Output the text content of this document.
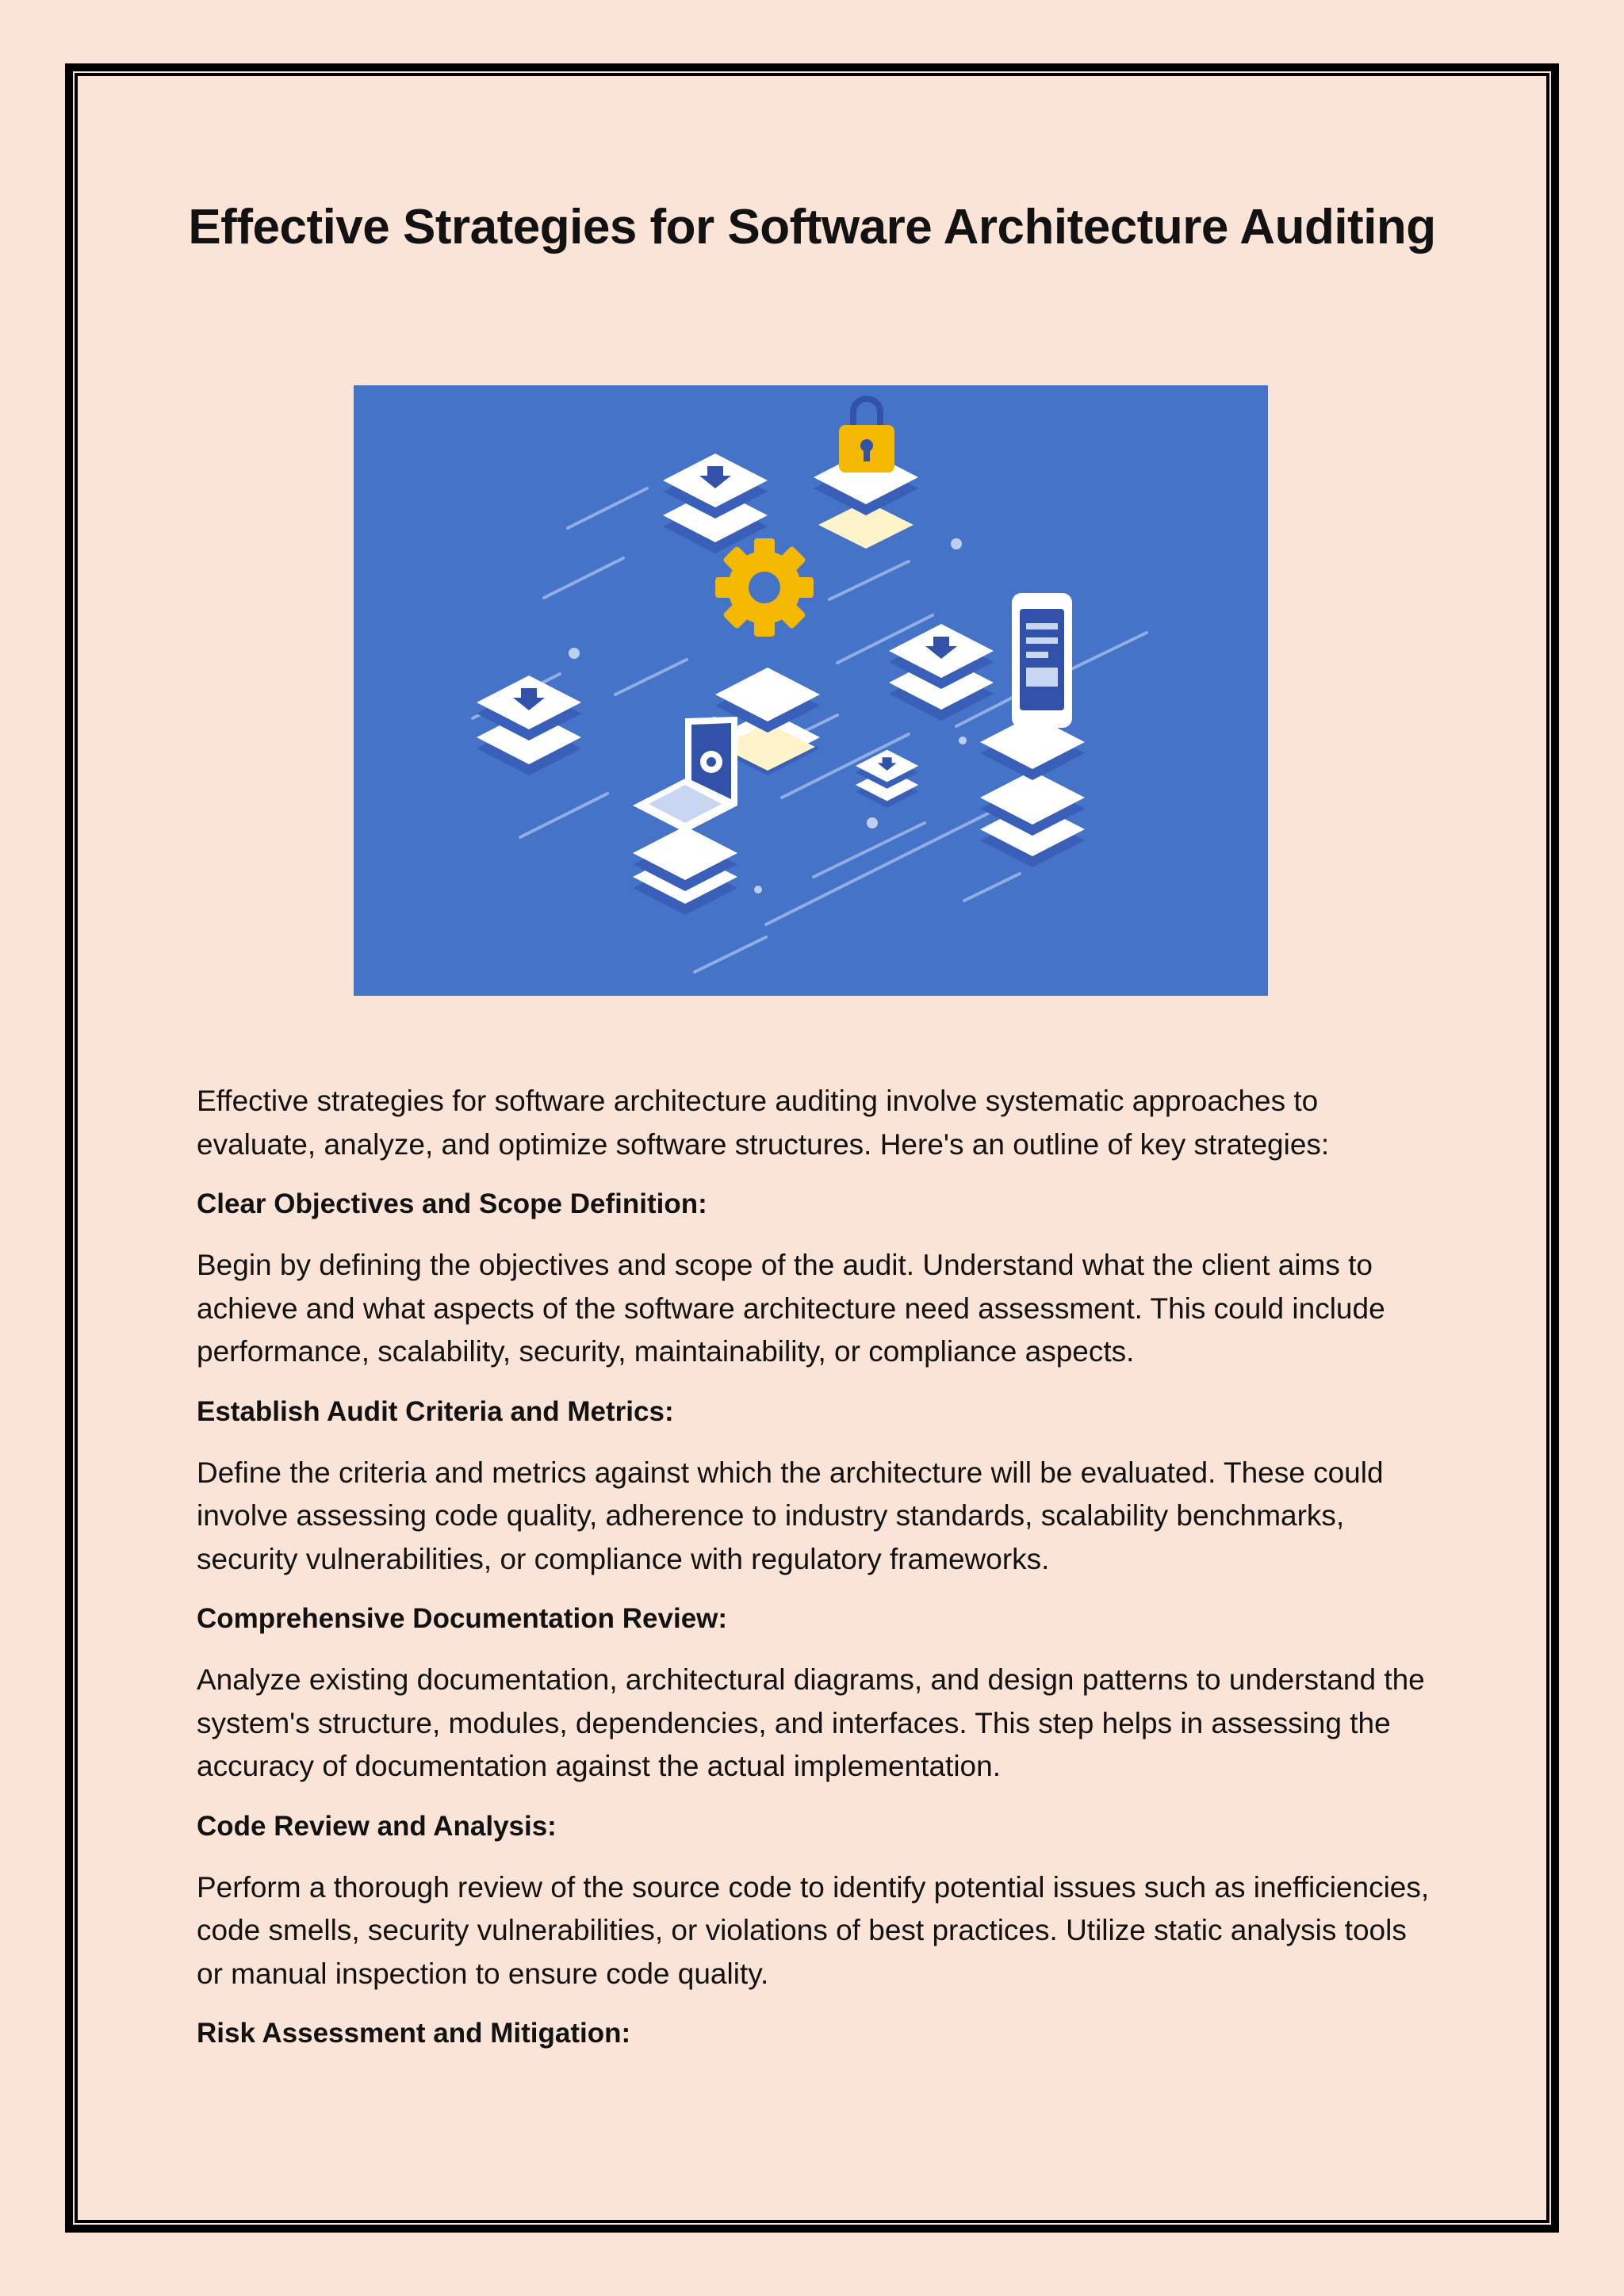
Effective Strategies for Software Architecture Auditing

Effective strategies for software architecture auditing involve systematic approaches to evaluate, analyze, and optimize software structures. Here's an outline of key strategies:

Clear Objectives and Scope Definition:

Begin by defining the objectives and scope of the audit. Understand what the client aims to achieve and what aspects of the software architecture need assessment. This could include performance, scalability, security, maintainability, or compliance aspects.

Establish Audit Criteria and Metrics:

Define the criteria and metrics against which the architecture will be evaluated. These could involve assessing code quality, adherence to industry standards, scalability benchmarks, security vulnerabilities, or compliance with regulatory frameworks.

Comprehensive Documentation Review:

Analyze existing documentation, architectural diagrams, and design patterns to understand the system's structure, modules, dependencies, and interfaces. This step helps in assessing the accuracy of documentation against the actual implementation.

Code Review and Analysis:

Perform a thorough review of the source code to identify potential issues such as inefficiencies, code smells, security vulnerabilities, or violations of best practices. Utilize static analysis tools or manual inspection to ensure code quality.

Risk Assessment and Mitigation:
